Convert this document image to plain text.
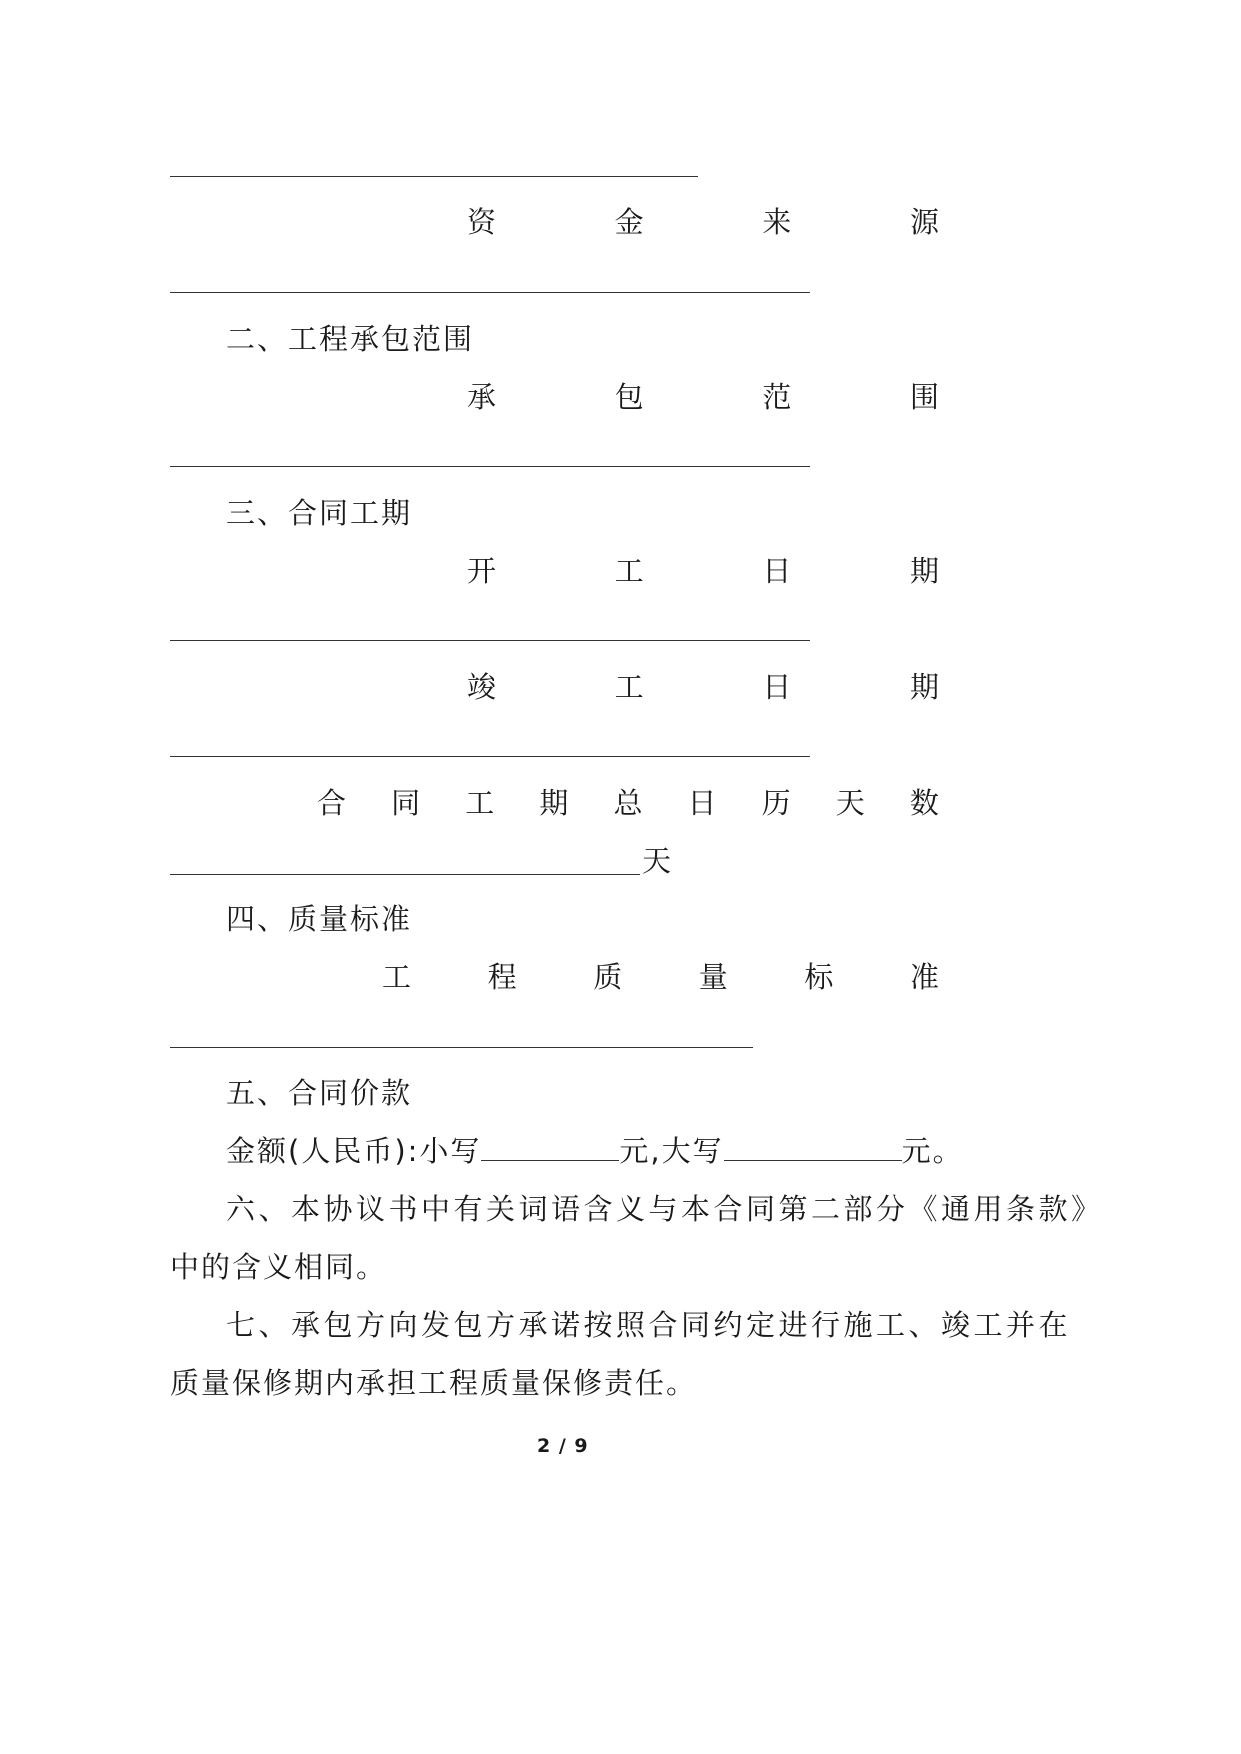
资	金	来	源
二、工程承包范围
承	包	范	围
三、合同工期
开	工	日	期
竣	工	日	期
合 同 工 期 总 日 历 天 数
天
四、质量标准
工	程	质	量	标	准
五、合同价款
金额(人民币):小写	元,大写	元。
六、本协议书中有关词语含义与本合同第二部分《通用条款》
中的含义相同。
七、承包方向发包方承诺按照合同约定进行施工、竣工并在
质量保修期内承担工程质量保修责任。
2 / 9
